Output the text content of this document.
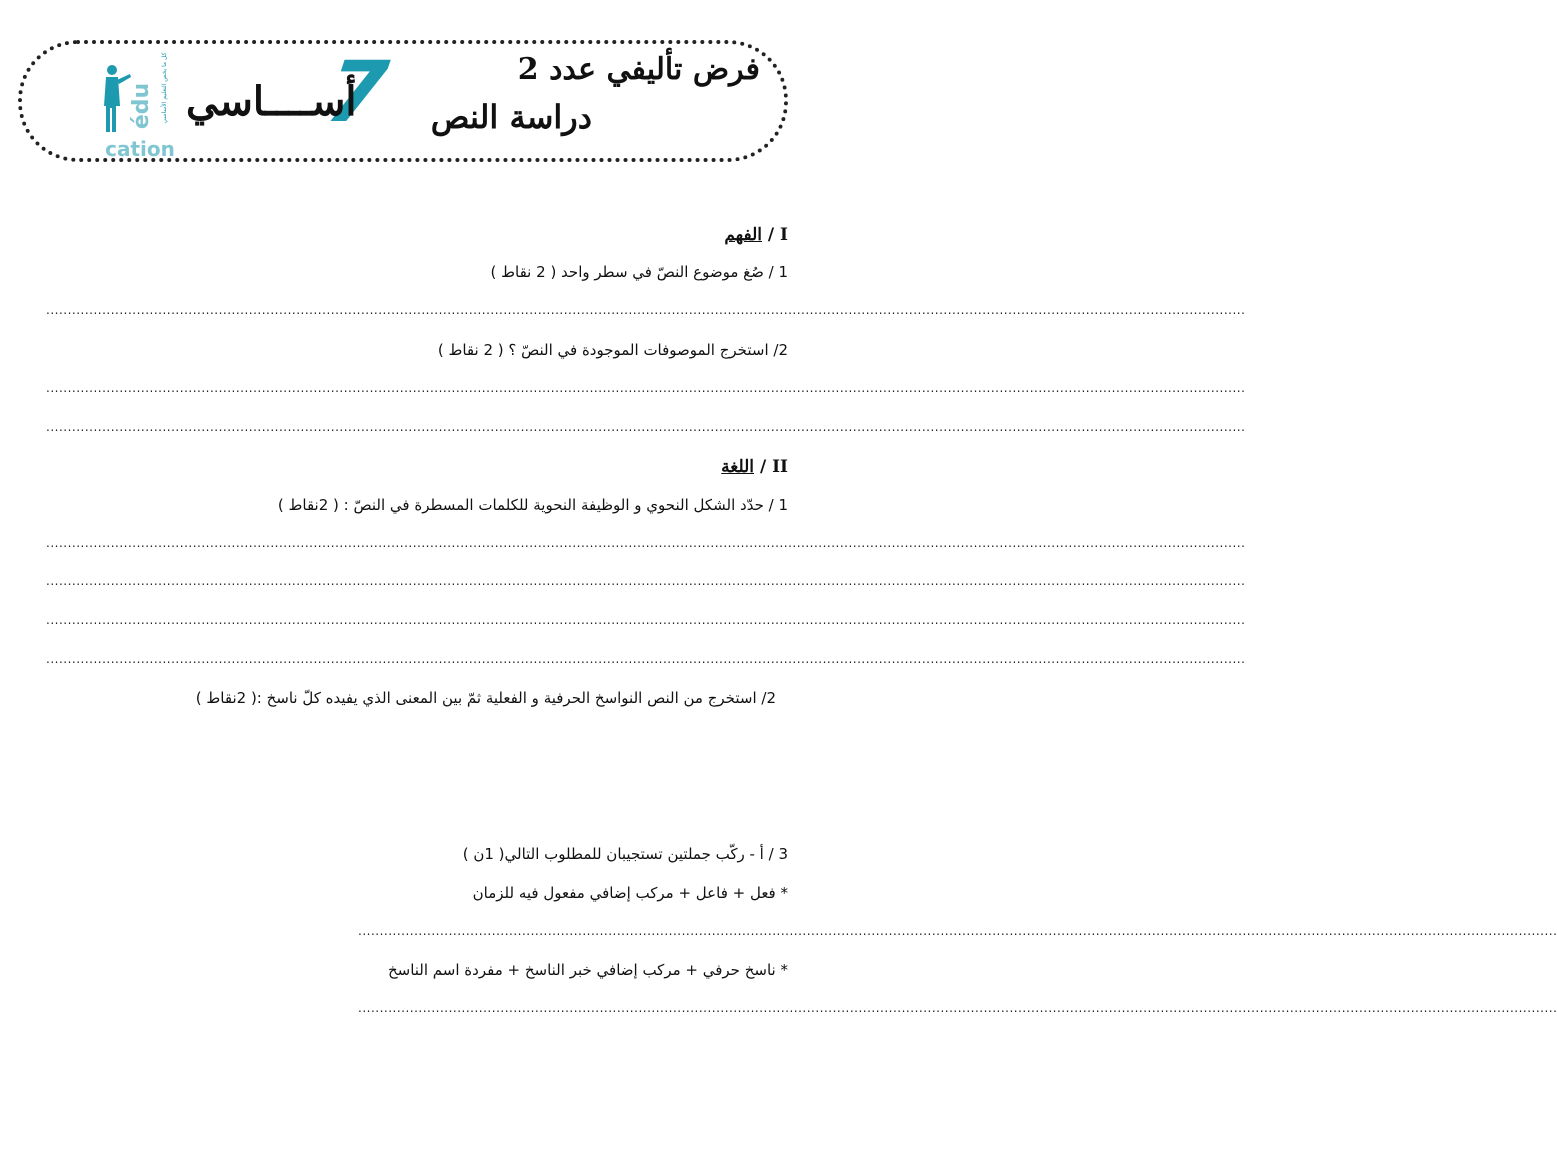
فرض تأليفي عدد 2
دراسة النص
7
أســــاسي
édu كل ما يخص التعليم الأساسي
cation
I / الفهم
1 / صُغ موضوع النصّ في سطر واحد ( 2 نقاط )
......................................................................................................................................................................................................................................................................................
2/ استخرج الموصوفات الموجودة في النصّ ؟ ( 2 نقاط )
......................................................................................................................................................................................................................................................................................
......................................................................................................................................................................................................................................................................................
II / اللغة
1 / حدّد الشكل النحوي و الوظيفة النحوية للكلمات المسطرة في النصّ : ( 2نقاط )
......................................................................................................................................................................................................................................................................................
......................................................................................................................................................................................................................................................................................
......................................................................................................................................................................................................................................................................................
......................................................................................................................................................................................................................................................................................
2/ استخرج من النص النواسخ الحرفية و الفعلية ثمّ بين المعنى الذي يفيده كلّ ناسخ :( 2نقاط )
3 / أ - ركّب جملتين تستجيبان للمطلوب التالي( 1ن )
* فعل + فاعل + مركب إضافي مفعول فيه للزمان
......................................................................................................................................................................................................................................................................................
* ناسخ حرفي + مركب إضافي خبر الناسخ + مفردة اسم الناسخ
......................................................................................................................................................................................................................................................................................
